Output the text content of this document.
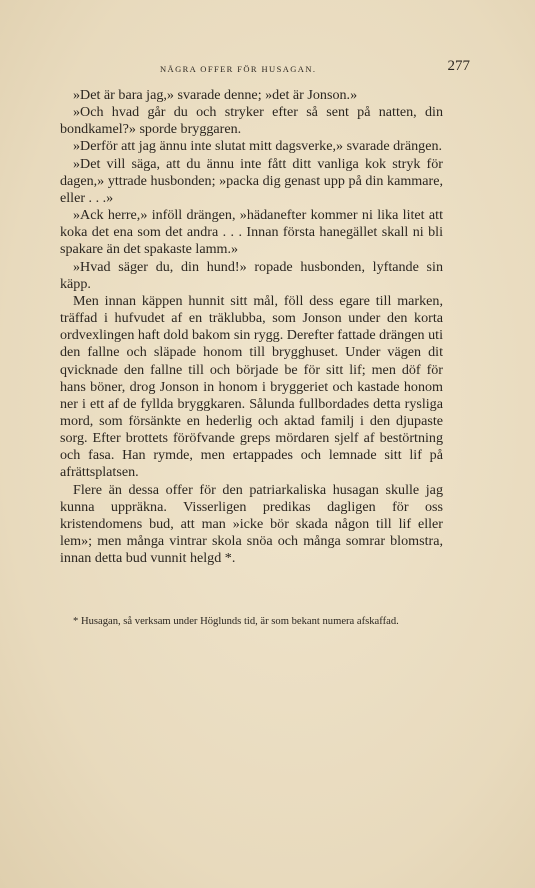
NÅGRA OFFER FÖR HUSAGAN.	277

»Det är bara jag,» svarade denne; »det är Jonson.»

»Och hvad går du och stryker efter så sent på natten, din bondkamel?» sporde bryggaren.

»Derför att jag ännu inte slutat mitt dagsverke,» svarade drängen.

»Det vill säga, att du ännu inte fått ditt vanliga kok stryk för dagen,» yttrade husbonden; »packa dig genast upp på din kammare, eller . . .»

»Ack herre,» inföll drängen, »hädanefter kommer ni lika litet att koka det ena som det andra . . . Innan första hanegället skall ni bli spakare än det spakaste lamm.»

»Hvad säger du, din hund!» ropade husbonden, lyftande sin käpp.

Men innan käppen hunnit sitt mål, föll dess egare till marken, träffad i hufvudet af en träklubba, som Jonson under den korta ordvexlingen haft dold bakom sin rygg. Derefter fattade drängen uti den fallne och släpade honom till brygghuset. Under vägen dit qvicknade den fallne till och började be för sitt lif; men döf för hans böner, drog Jonson in honom i bryggeriet och kastade honom ner i ett af de fyllda bryggkaren. Sålunda fullbordades detta rysliga mord, som försänkte en hederlig och aktad familj i den djupaste sorg. Efter brottets föröfvande greps mördaren sjelf af bestörtning och fasa. Han rymde, men ertappades och lemnade sitt lif på afrättsplatsen.

Flere än dessa offer för den patriarkaliska husagan skulle jag kunna uppräkna. Visserligen predikas dagligen för oss kristendomens bud, att man »icke bör skada någon till lif eller lem»; men många vintrar skola snöa och många somrar blomstra, innan detta bud vunnit helgd *.

* Husagan, så verksam under Höglunds tid, är som bekant numera afskaffad.
